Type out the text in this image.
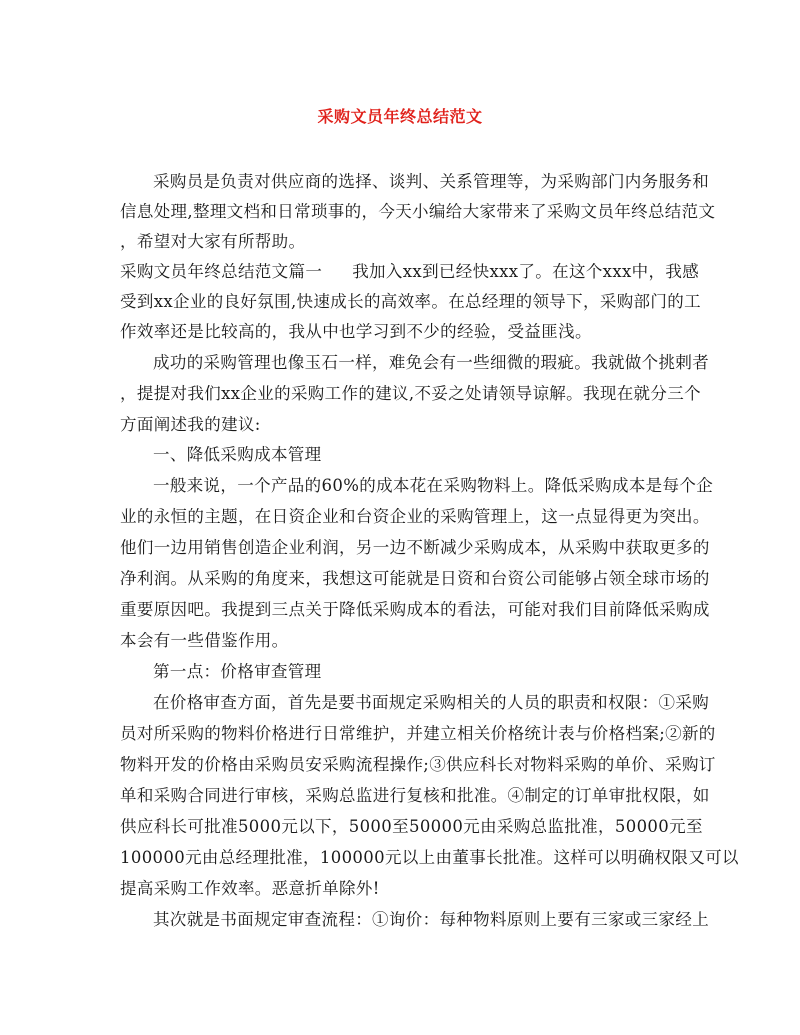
采购文员年终总结范文
采购员是负责对供应商的选择、谈判、关系管理等，为采购部门内务服务和
信息处理,整理文档和日常琐事的，今天小编给大家带来了采购文员年终总结范文
，希望对大家有所帮助。
采购文员年终总结范文篇一 我加入xx到已经快xxx了。在这个xxx中，我感
受到xx企业的良好氛围,快速成长的高效率。在总经理的领导下，采购部门的工
作效率还是比较高的，我从中也学习到不少的经验，受益匪浅。
成功的采购管理也像玉石一样，难免会有一些细微的瑕疵。我就做个挑剌者
，提提对我们xx企业的采购工作的建议,不妥之处请领导谅解。我现在就分三个
方面阐述我的建议:
一、降低采购成本管理
一般来说，一个产品的60%的成本花在采购物料上。降低采购成本是每个企
业的永恒的主题，在日资企业和台资企业的采购管理上，这一点显得更为突出。
他们一边用销售创造企业利润，另一边不断减少采购成本，从采购中获取更多的
净利润。从采购的角度来，我想这可能就是日资和台资公司能够占领全球市场的
重要原因吧。我提到三点关于降低采购成本的看法，可能对我们目前降低采购成
本会有一些借鉴作用。
第一点：价格审查管理
在价格审查方面，首先是要书面规定采购相关的人员的职责和权限：①采购
员对所采购的物料价格进行日常维护，并建立相关价格统计表与价格档案;②新的
物料开发的价格由采购员安采购流程操作;③供应科长对物料采购的单价、采购订
单和采购合同进行审核，采购总监进行复核和批准。④制定的订单审批权限，如
供应科长可批准5000元以下，5000至50000元由采购总监批准，50000元至
100000元由总经理批准，100000元以上由董事长批准。这样可以明确权限又可以
提高采购工作效率。恶意折单除外!
其次就是书面规定审查流程：①询价：每种物料原则上要有三家或三家经上
